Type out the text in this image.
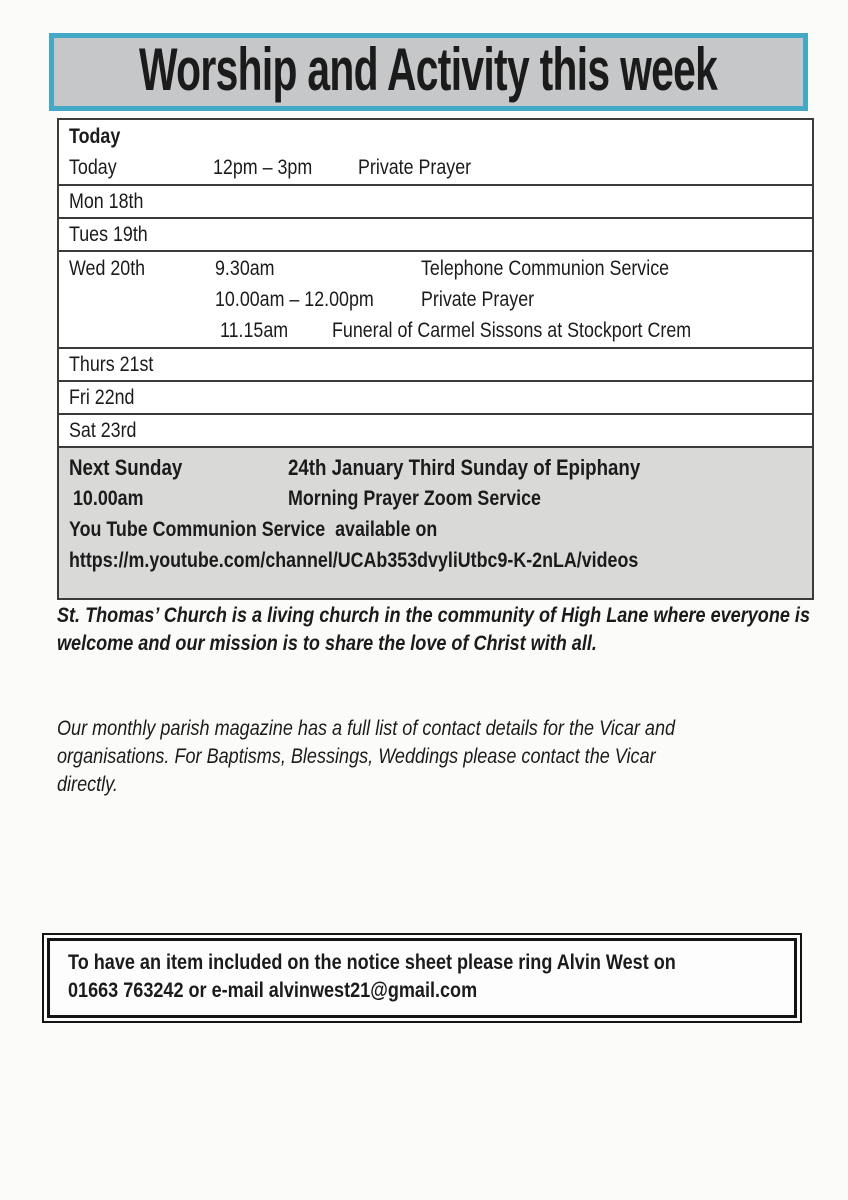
Worship and Activity this week
Today
Today	12pm – 3pm Private Prayer
Mon 18th
Tues 19th
Wed 20th	9.30am	Telephone Communion Service
10.00am – 12.00pm Private Prayer
11.15am Funeral of Carmel Sissons at Stockport Crem
Thurs 21st
Fri 22nd
Sat 23rd
Next Sunday	24th January Third Sunday of Epiphany
10.00am	Morning Prayer Zoom Service
You Tube Communion Service  available on
https://m.youtube.com/channel/UCAb353dvyliUtbc9-K-2nLA/videos
St. Thomas’ Church is a living church in the community of High Lane where everyone is
welcome and our mission is to share the love of Christ with all.
Our monthly parish magazine has a full list of contact details for the Vicar and
organisations. For Baptisms, Blessings, Weddings please contact the Vicar
directly.
To have an item included on the notice sheet please ring Alvin West on
01663 763242 or e-mail alvinwest21@gmail.com
